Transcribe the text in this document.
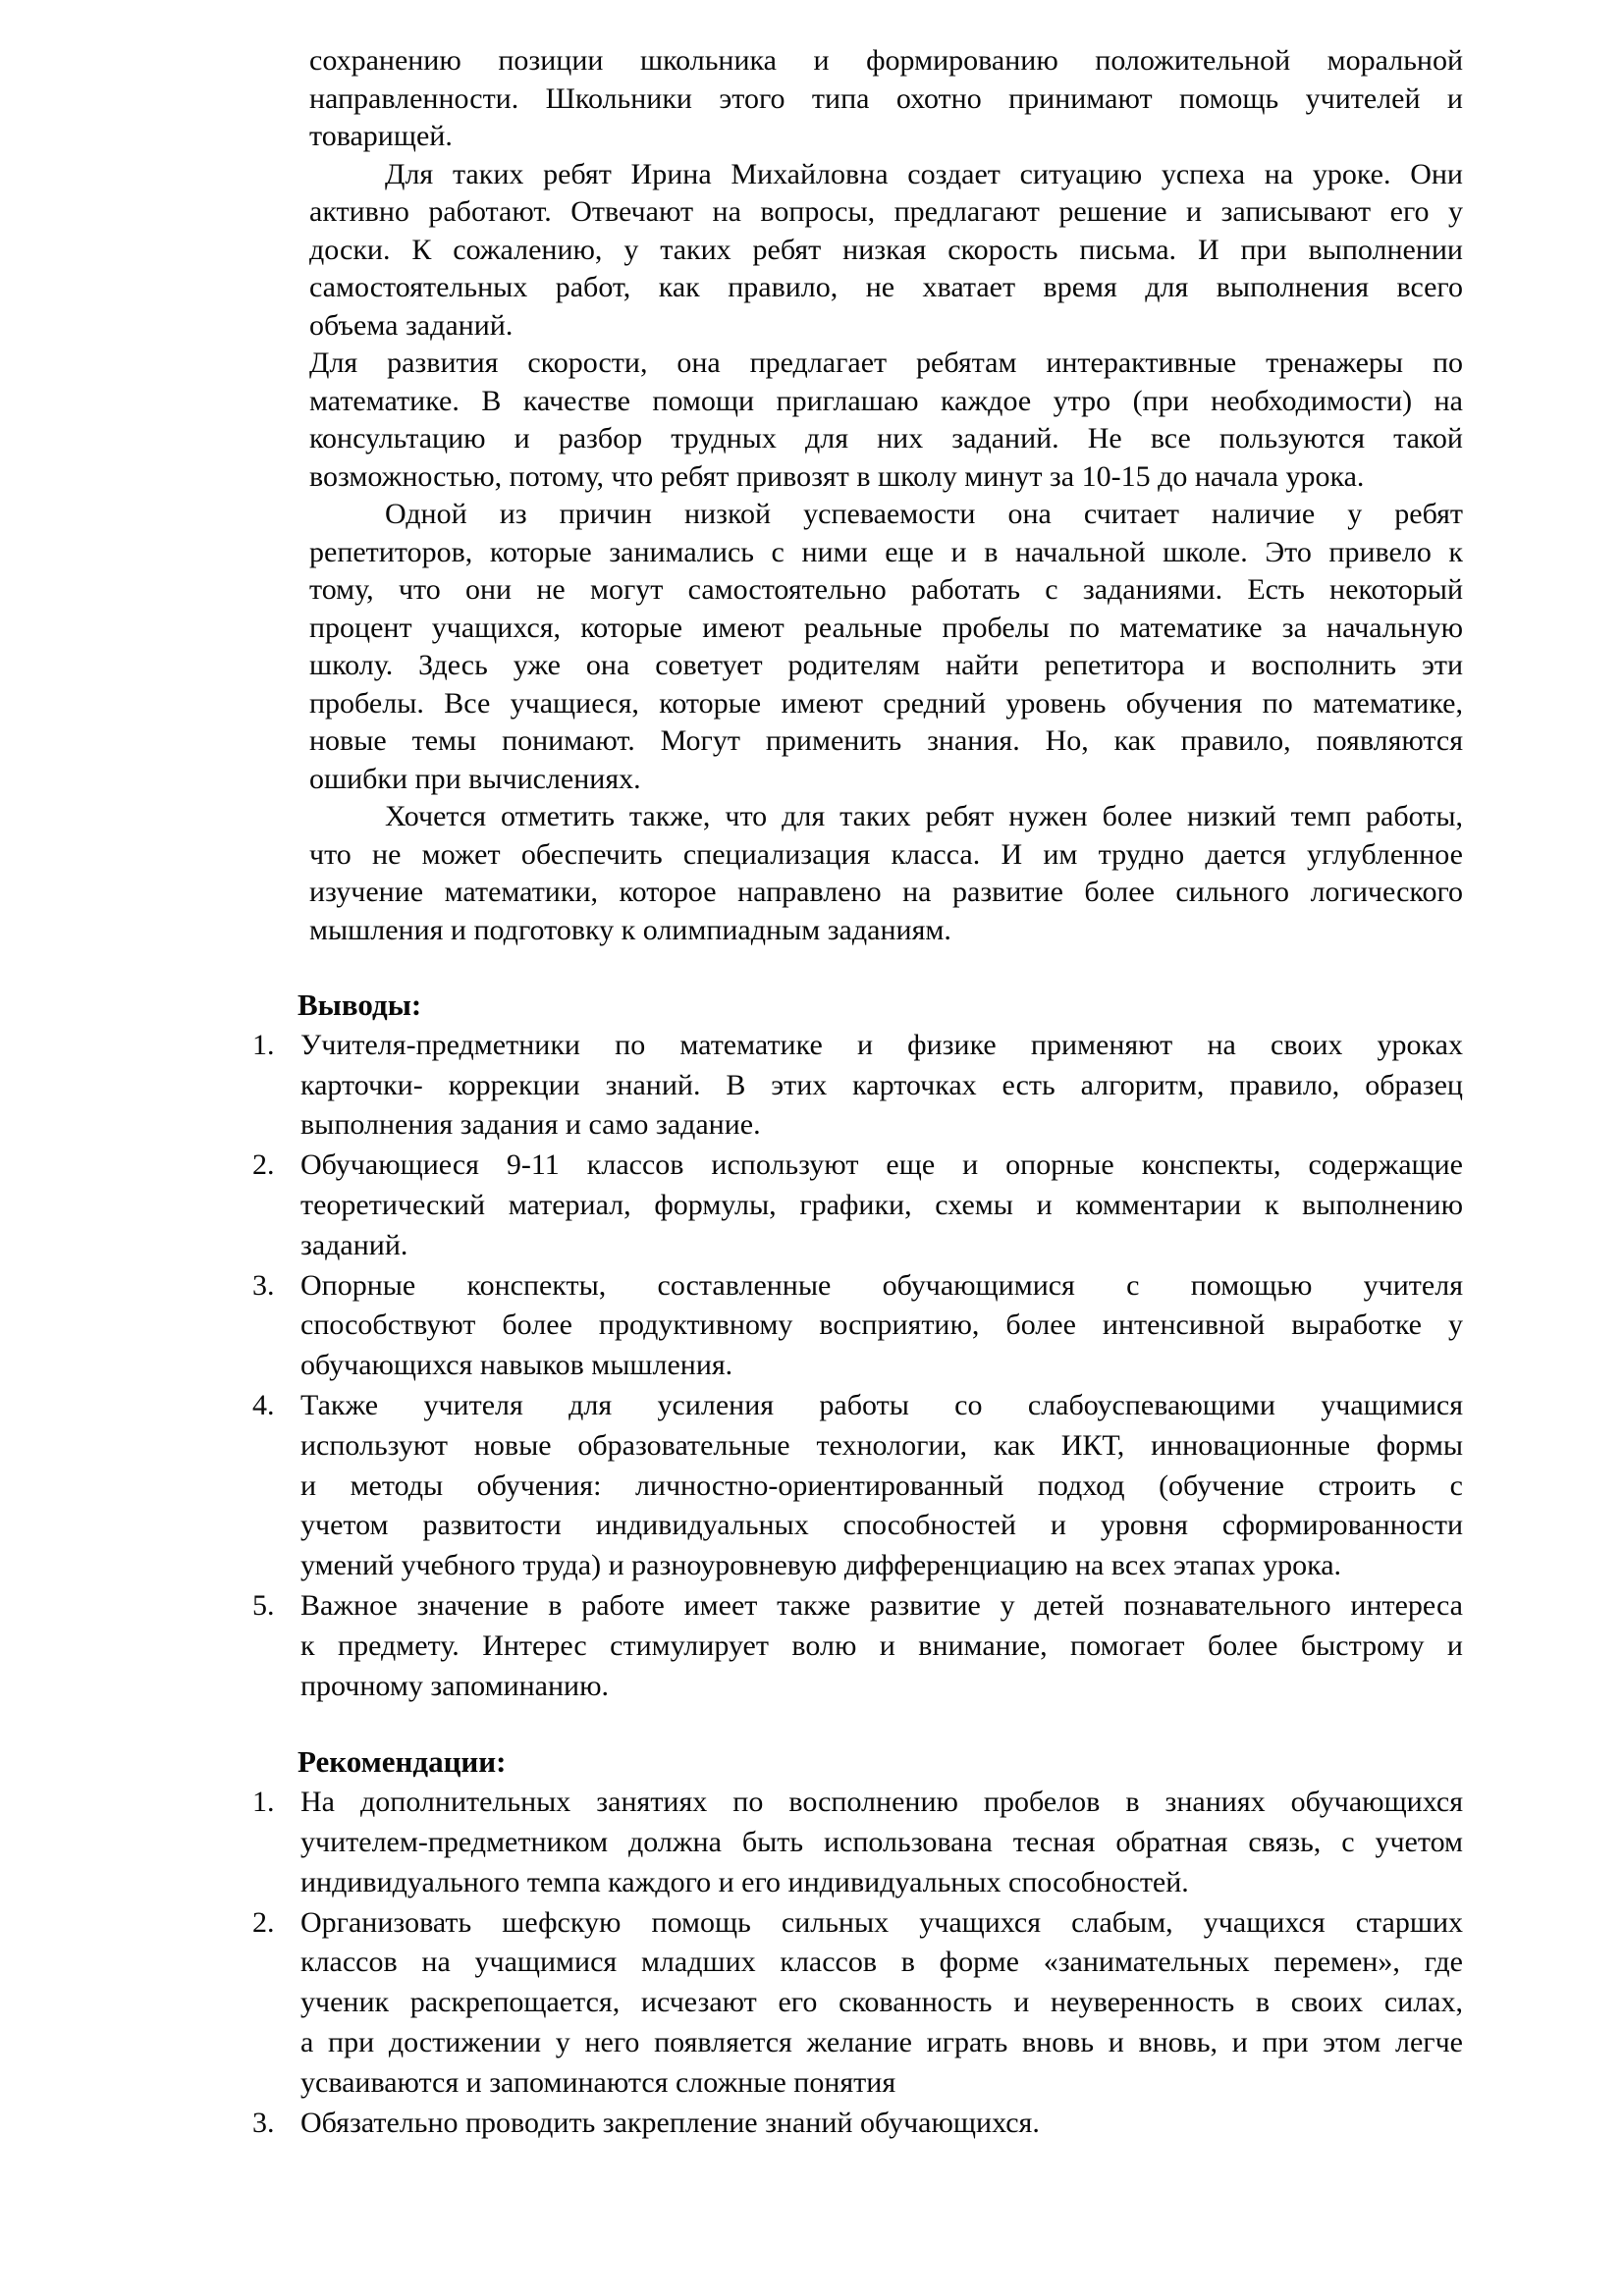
сохранению позиции школьника и формированию положительной моральной
направленности. Школьники этого типа охотно принимают помощь учителей и
товарищей.
Для таких ребят Ирина Михайловна создает ситуацию успеха на уроке. Они
активно работают. Отвечают на вопросы, предлагают решение и записывают его у
доски. К сожалению, у таких ребят низкая скорость письма. И при выполнении
самостоятельных работ, как правило, не хватает время для выполнения всего
объема заданий.
Для развития скорости, она предлагает ребятам интерактивные тренажеры по
математике. В качестве помощи приглашаю каждое утро (при необходимости) на
консультацию и разбор трудных для них заданий. Не все пользуются такой
возможностью, потому, что ребят привозят в школу минут за 10-15 до начала урока.
Одной из причин низкой успеваемости она считает наличие у ребят
репетиторов, которые занимались с ними еще и в начальной школе. Это привело к
тому, что они не могут самостоятельно работать с заданиями. Есть некоторый
процент учащихся, которые имеют реальные пробелы по математике за начальную
школу. Здесь уже она советует родителям найти репетитора и восполнить эти
пробелы. Все учащиеся, которые имеют средний уровень обучения по математике,
новые темы понимают. Могут применить знания. Но, как правило, появляются
ошибки при вычислениях.
Хочется отметить также, что для таких ребят нужен более низкий темп работы,
что не может обеспечить специализация класса. И им трудно дается углубленное
изучение математики, которое направлено на развитие более сильного логического
мышления и подготовку к олимпиадным заданиям.
Выводы:
1. Учителя-предметники по математике и физике применяют на своих уроках
карточки- коррекции знаний. В этих карточках есть алгоритм, правило, образец
выполнения задания и само задание.
2. Обучающиеся 9-11 классов используют еще и опорные конспекты, содержащие
теоретический материал, формулы, графики, схемы и комментарии к выполнению
заданий.
3. Опорные конспекты, составленные обучающимися с помощью учителя
способствуют более продуктивному восприятию, более интенсивной выработке у
обучающихся навыков мышления.
4. Также учителя для усиления работы со слабоуспевающими учащимися
используют новые образовательные технологии, как ИКТ, инновационные формы
и методы обучения: личностно-ориентированный подход (обучение строить с
учетом развитости индивидуальных способностей и уровня сформированности
умений учебного труда) и разноуровневую дифференциацию на всех этапах урока.
5. Важное значение в работе имеет также развитие у детей познавательного интереса
к предмету. Интерес стимулирует волю и внимание, помогает более быстрому и
прочному запоминанию.
Рекомендации:
1. На дополнительных занятиях по восполнению пробелов в знаниях обучающихся
учителем-предметником должна быть использована тесная обратная связь, с учетом
индивидуального темпа каждого и его индивидуальных способностей.
2. Организовать шефскую помощь сильных учащихся слабым, учащихся старших
классов на учащимися младших классов в форме «занимательных перемен», где
ученик раскрепощается, исчезают его скованность и неуверенность в своих силах,
а при достижении у него появляется желание играть вновь и вновь, и при этом легче
усваиваются и запоминаются сложные понятия
3. Обязательно проводить закрепление знаний обучающихся.
